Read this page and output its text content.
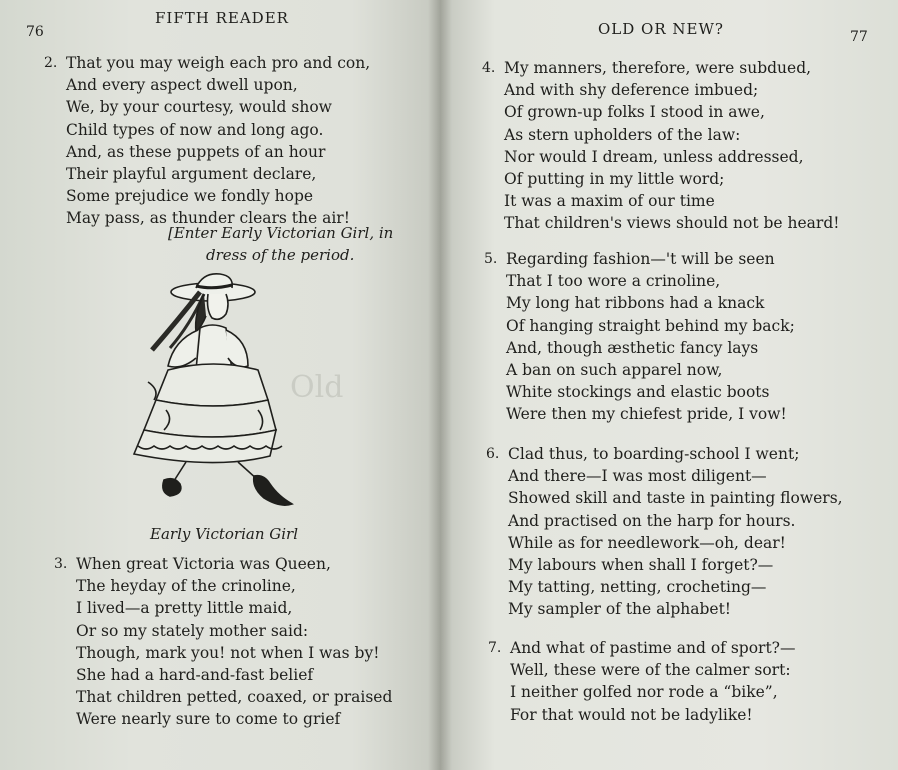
76
FIFTH READER
Old
2. That you may weigh each pro and con,
And every aspect dwell upon,
We, by your courtesy, would show
Child types of now and long ago.
And, as these puppets of an hour
Their playful argument declare,
Some prejudice we fondly hope
May pass, as thunder clears the air!
[Enter Early Victorian Girl, in
dress of the period.
Early Victorian Girl
3. When great Victoria was Queen,
The heyday of the crinoline,
I lived—a pretty little maid,
Or so my stately mother said:
Though, mark you! not when I was by!
She had a hard-and-fast belief
That children petted, coaxed, or praised
Were nearly sure to come to grief
OLD OR NEW?	77
4. My manners, therefore, were subdued,
And with shy deference imbued;
Of grown-up folks I stood in awe,
As stern upholders of the law:
Nor would I dream, unless addressed,
Of putting in my little word;
It was a maxim of our time
That children's views should not be heard!
5. Regarding fashion—'t will be seen
That I too wore a crinoline,
My long hat ribbons had a knack
Of hanging straight behind my back;
And, though æsthetic fancy lays
A ban on such apparel now,
White stockings and elastic boots
Were then my chiefest pride, I vow!
6. Clad thus, to boarding-school I went;
And there—I was most diligent—
Showed skill and taste in painting flowers,
And practised on the harp for hours.
While as for needlework—oh, dear!
My labours when shall I forget?—
My tatting, netting, crocheting—
My sampler of the alphabet!
7. And what of pastime and of sport?—
Well, these were of the calmer sort:
I neither golfed nor rode a “bike”,
For that would not be ladylike!
